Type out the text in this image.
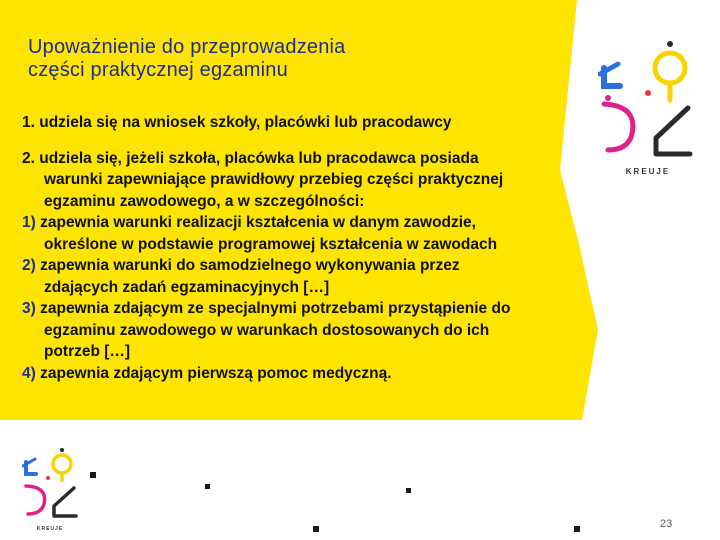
Upoważnienie do przeprowadzenia
części praktycznej egzaminu
1. udziela się na wniosek szkoły, placówki lub pracodawcy
2. udziela się, jeżeli szkoła, placówka lub pracodawca posiada
warunki zapewniające prawidłowy przebieg części praktycznej
egzaminu zawodowego, a w szczególności:
1) zapewnia warunki realizacji kształcenia w danym zawodzie,
określone w podstawie programowej kształcenia w zawodach
2) zapewnia warunki do samodzielnego wykonywania przez
zdających zadań egzaminacyjnych […]
3) zapewnia zdającym ze specjalnymi potrzebami przystąpienie do
egzaminu zawodowego w warunkach dostosowanych do ich
potrzeb […]
4) zapewnia zdającym pierwszą pomoc medyczną.
KREUJE
KREUJE	23
